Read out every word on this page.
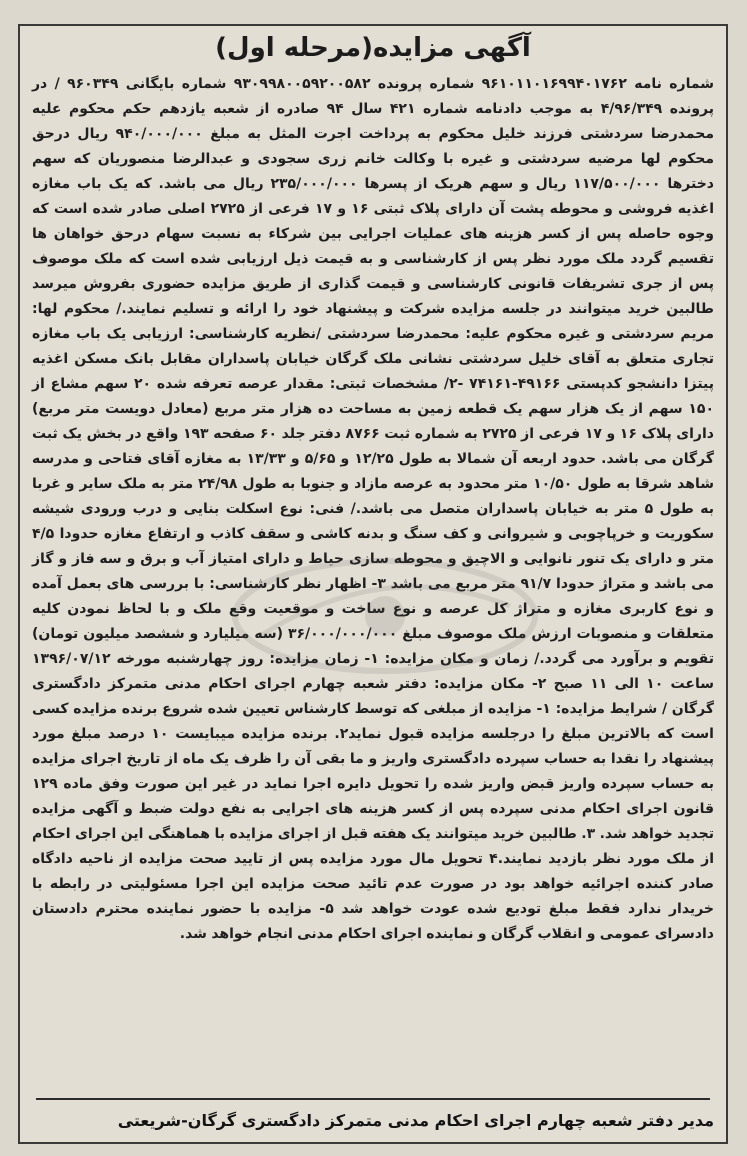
آگهی مزایده(مرحله اول)
شماره نامه ۹۶۱۰۱۱۰۱۶۹۹۴۰۱۷۶۲ شماره پرونده ۹۳۰۹۹۸۰۰۵۹۲۰۰۵۸۲ شماره بایگانی ۹۶۰۳۴۹ / در پرونده ۴/۹۶/۳۴۹ به موجب دادنامه شماره ۴۲۱ سال ۹۴ صادره از شعبه یازدهم حکم محکوم علیه محمدرضا سردشتی فرزند خلیل محکوم به پرداخت اجرت المثل به مبلغ ۹۴۰/۰۰۰/۰۰۰ ریال درحق محکوم لها مرضیه سردشتی و غیره با وکالت خانم زری سجودی و عبدالرضا منصوریان که سهم دخترها ۱۱۷/۵۰۰/۰۰۰ ریال و سهم هریک از پسرها ۲۳۵/۰۰۰/۰۰۰ ریال می باشد. که یک باب مغازه اغذیه فروشی و محوطه پشت آن دارای پلاک ثبتی ۱۶ و ۱۷ فرعی از ۲۷۲۵ اصلی صادر شده است که وجوه حاصله پس از کسر هزینه های عملیات اجرایی بین شرکاء به نسبت سهام درحق خواهان ها تقسیم گردد ملک مورد نظر پس از کارشناسی و به قیمت ذیل ارزیابی شده است که ملک موصوف پس از جری تشریفات قانونی کارشناسی و قیمت گذاری از طریق مزایده حضوری بفروش میرسد طالبین خرید میتوانند در جلسه مزایده شرکت و پیشنهاد خود را ارائه و تسلیم نمایند./ محکوم لها: مریم سردشتی و غیره محکوم علیه: محمدرضا سردشتی /نظریه کارشناسی: ارزیابی یک باب مغازه تجاری متعلق به آقای خلیل سردشتی نشانی ملک گرگان خیابان پاسداران مقابل بانک مسکن اغذیه پیتزا دانشجو کدپستی ۴۹۱۶۶-۷۴۱۶۱ -۲/ مشخصات ثبتی: مقدار عرصه تعرفه شده ۲۰ سهم مشاع از ۱۵۰ سهم از یک هزار سهم یک قطعه زمین به مساحت ده هزار متر مربع (معادل دویست متر مربع) دارای پلاک ۱۶ و ۱۷ فرعی از ۲۷۲۵ به شماره ثبت ۸۷۶۶ دفتر جلد ۶۰ صفحه ۱۹۳ واقع در بخش یک ثبت گرگان می باشد. حدود اربعه آن شمالا به طول ۱۲/۲۵ و ۵/۶۵ و ۱۳/۳۳ به مغازه آقای فتاحی و مدرسه شاهد شرقا به طول ۱۰/۵۰ متر محدود به عرصه مازاد و جنوبا به طول ۲۴/۹۸ متر به ملک سایر و غربا به طول ۵ متر به خیابان پاسداران متصل می باشد./ فنی: نوع اسکلت بنایی و درب ورودی شیشه سکوریت و خرپاچوبی و شیروانی و کف سنگ و بدنه کاشی و سقف کاذب و ارتفاع مغازه حدودا ۴/۵ متر و دارای یک تنور نانوایی و الاچیق و محوطه سازی حیاط و دارای امتیاز آب و برق و سه فاز و گاز می باشد و متراژ حدودا ۹۱/۷ متر مربع می باشد ۳- اظهار نظر کارشناسی: با بررسی های بعمل آمده و نوع کاربری مغازه و متراژ کل عرصه و نوع ساخت و موقعیت وقع ملک و با لحاظ نمودن کلیه متعلقات و منصوبات ارزش ملک موصوف مبلغ ۳۶/۰۰۰/۰۰۰/۰۰۰ (سه میلیارد و ششصد میلیون تومان) تقویم و برآورد می گردد./ زمان و مکان مزایده: ۱- زمان مزایده: روز چهارشنبه مورخه ۱۳۹۶/۰۷/۱۲ ساعت ۱۰ الی ۱۱ صبح ۲- مکان مزایده: دفتر شعبه چهارم اجرای احکام مدنی متمرکز دادگستری گرگان / شرایط مزایده: ۱- مزایده از مبلغی که توسط کارشناس تعیین شده شروع برنده مزایده کسی است که بالاترین مبلغ را درجلسه مزایده قبول نماید۲. برنده مزایده میبایست ۱۰ درصد مبلغ مورد پیشنهاد را نقدا به حساب سپرده دادگستری واریز و ما بقی آن را ظرف یک ماه از تاریخ اجرای مزایده به حساب سپرده واریز قبض واریز شده را تحویل دایره اجرا نماید در غیر این صورت وفق ماده ۱۲۹ قانون اجرای احکام مدنی سپرده پس از کسر هزینه های اجرایی به نفع دولت ضبط و آگهی مزایده تجدید خواهد شد. ۳. طالبین خرید میتوانند یک هفته قبل از اجرای مزایده با هماهنگی این اجرای احکام از ملک مورد نظر بازدید نمایند.۴ تحویل مال مورد مزایده پس از تایید صحت مزایده از ناحیه دادگاه صادر کننده اجرائیه خواهد بود در صورت عدم تائید صحت مزایده این اجرا مسئولیتی در رابطه با خریدار ندارد فقط مبلغ تودیع شده عودت خواهد شد ۵- مزایده با حضور نماینده محترم دادستان دادسرای عمومی و انقلاب گرگان و نماینده اجرای احکام مدنی انجام خواهد شد.
مدیر دفتر شعبه چهارم اجرای احکام مدنی متمرکز دادگستری گرگان-شریعتی
